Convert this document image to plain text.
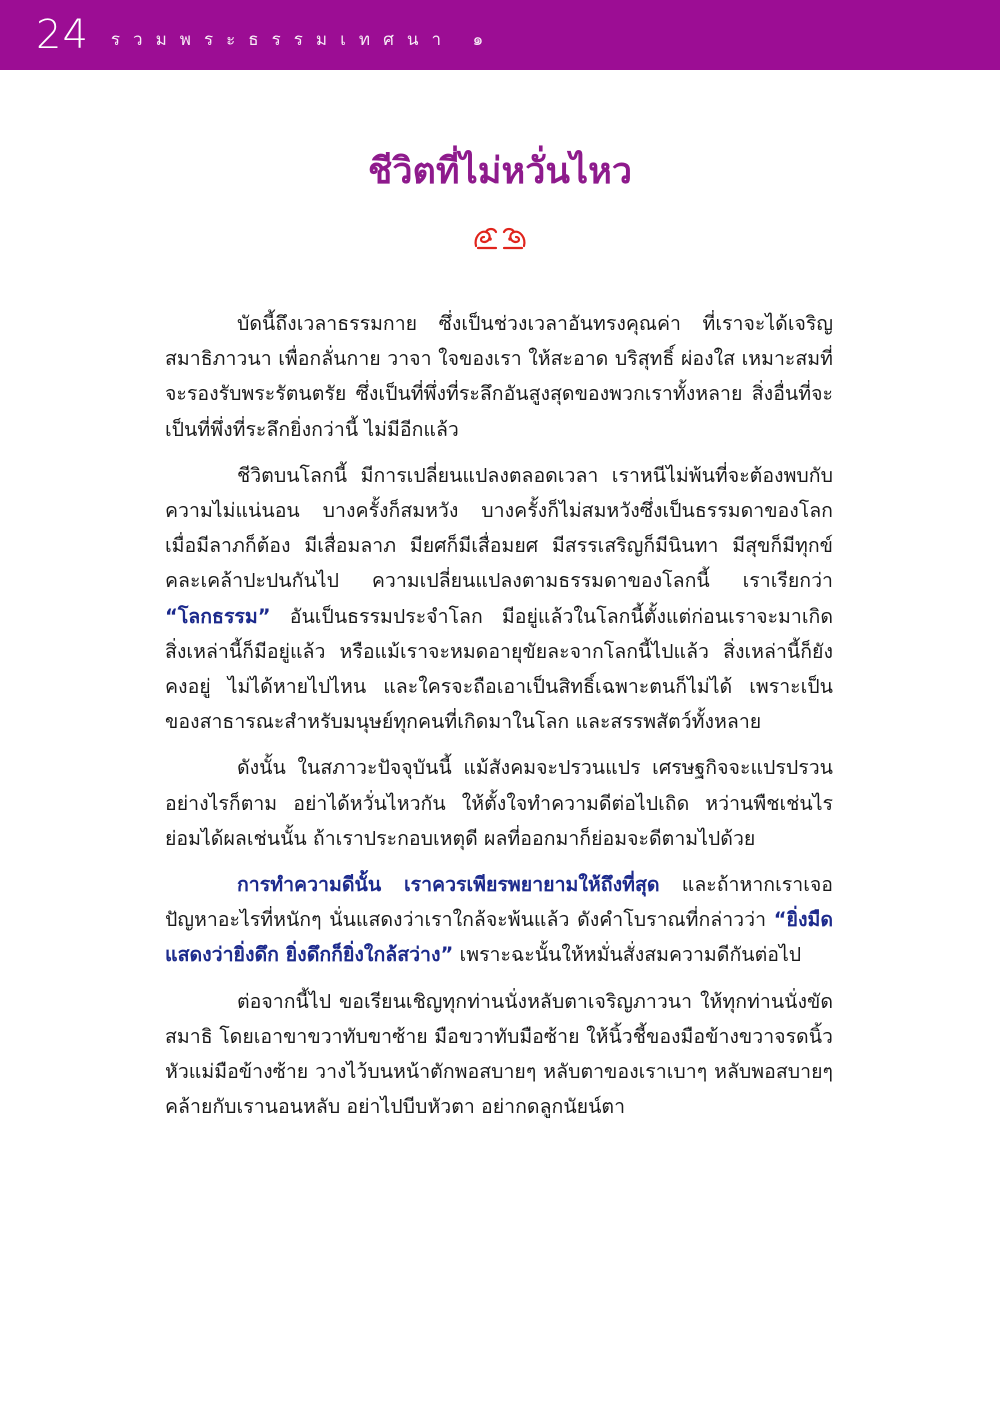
24 รวมพระธรรมเทศนา ๑
ชีวิตที่ไม่หวั่นไหว

บัดนี้ถึงเวลาธรรมกาย ซึ่งเป็นช่วงเวลาอันทรงคุณค่า ที่เราจะได้เจริญสมาธิภาวนา เพื่อกลั่นกาย วาจา ใจของเรา ให้สะอาด บริสุทธิ์ ผ่องใส เหมาะสมที่จะรองรับพระรัตนตรัย ซึ่งเป็นที่พึ่งที่ระลึกอันสูงสุดของพวกเราทั้งหลาย สิ่งอื่นที่จะเป็นที่พึ่งที่ระลึกยิ่งกว่านี้ ไม่มีอีกแล้ว

ชีวิตบนโลกนี้ มีการเปลี่ยนแปลงตลอดเวลา เราหนีไม่พ้นที่จะต้องพบกับความไม่แน่นอน บางครั้งก็สมหวัง บางครั้งก็ไม่สมหวังซึ่งเป็นธรรมดาของโลก เมื่อมีลาภก็ต้อง มีเสื่อมลาภ มียศก็มีเสื่อมยศ มีสรรเสริญก็มีนินทา มีสุขก็มีทุกข์ คละเคล้าปะปนกันไป ความเปลี่ยนแปลงตามธรรมดาของโลกนี้ เราเรียกว่า “โลกธรรม” อันเป็นธรรมประจำโลก มีอยู่แล้วในโลกนี้ตั้งแต่ก่อนเราจะมาเกิด สิ่งเหล่านี้ก็มีอยู่แล้ว หรือแม้เราจะหมดอายุขัยละจากโลกนี้ไปแล้ว สิ่งเหล่านี้ก็ยังคงอยู่ ไม่ได้หายไปไหน และใครจะถือเอาเป็นสิทธิ์เฉพาะตนก็ไม่ได้ เพราะเป็นของสาธารณะสำหรับมนุษย์ทุกคนที่เกิดมาในโลก และสรรพสัตว์ทั้งหลาย

ดังนั้น ในสภาวะปัจจุบันนี้ แม้สังคมจะปรวนแปร เศรษฐกิจจะแปรปรวนอย่างไรก็ตาม อย่าได้หวั่นไหวกัน ให้ตั้งใจทำความดีต่อไปเถิด หว่านพืชเช่นไร ย่อมได้ผลเช่นนั้น ถ้าเราประกอบเหตุดี ผลที่ออกมาก็ย่อมจะดีตามไปด้วย

การทำความดีนั้น เราควรเพียรพยายามให้ถึงที่สุด และถ้าหากเราเจอปัญหาอะไรที่หนักๆ นั่นแสดงว่าเราใกล้จะพ้นแล้ว ดังคำโบราณที่กล่าวว่า “ยิ่งมืดแสดงว่ายิ่งดึก ยิ่งดึกก็ยิ่งใกล้สว่าง” เพราะฉะนั้นให้หมั่นสั่งสมความดีกันต่อไป

ต่อจากนี้ไป ขอเรียนเชิญทุกท่านนั่งหลับตาเจริญภาวนา ให้ทุกท่านนั่งขัดสมาธิ โดยเอาขาขวาทับขาซ้าย มือขวาทับมือซ้าย ให้นิ้วชี้ของมือข้างขวาจรดนิ้วหัวแม่มือข้างซ้าย วางไว้บนหน้าตักพอสบายๆ หลับตาของเราเบาๆ หลับพอสบายๆ คล้ายกับเรานอนหลับ อย่าไปบีบหัวตา อย่ากดลูกนัยน์ตา
